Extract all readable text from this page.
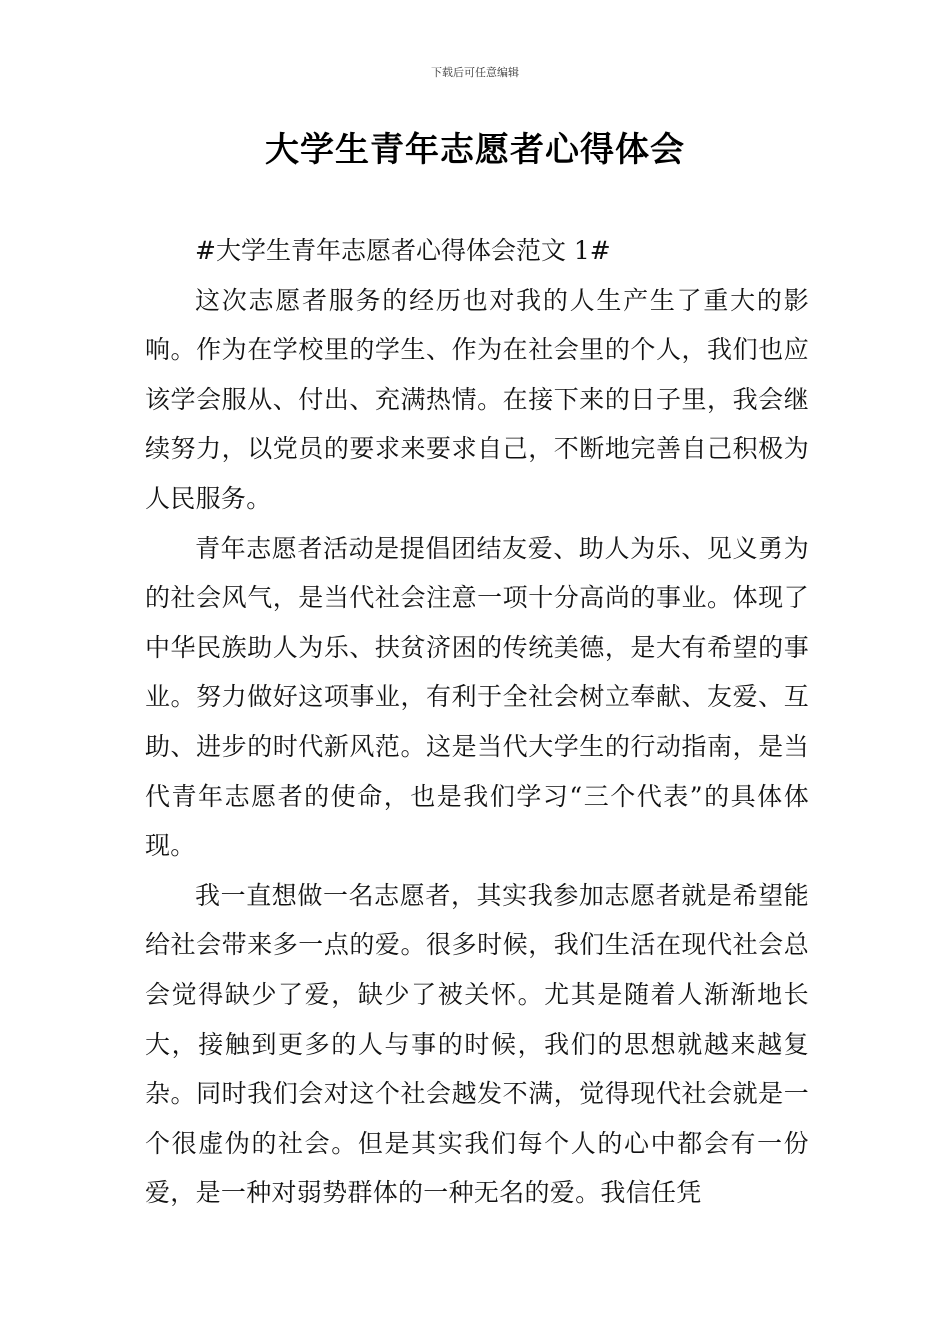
下载后可任意编辑
大学生青年志愿者心得体会

#大学生青年志愿者心得体会范文 1#

这次志愿者服务的经历也对我的人生产生了重大的影响。作为在学校里的学生、作为在社会里的个人，我们也应该学会服从、付出、充满热情。在接下来的日子里，我会继续努力，以党员的要求来要求自己，不断地完善自己积极为人民服务。

青年志愿者活动是提倡团结友爱、助人为乐、见义勇为的社会风气，是当代社会注意一项十分高尚的事业。体现了中华民族助人为乐、扶贫济困的传统美德，是大有希望的事业。努力做好这项事业，有利于全社会树立奉献、友爱、互助、进步的时代新风范。这是当代大学生的行动指南，是当代青年志愿者的使命，也是我们学习“三个代表”的具体体现。

我一直想做一名志愿者，其实我参加志愿者就是希望能给社会带来多一点的爱。很多时候，我们生活在现代社会总会觉得缺少了爱，缺少了被关怀。尤其是随着人渐渐地长大，接触到更多的人与事的时候，我们的思想就越来越复杂。同时我们会对这个社会越发不满，觉得现代社会就是一个很虚伪的社会。但是其实我们每个人的心中都会有一份爱，是一种对弱势群体的一种无名的爱。我信任凭
